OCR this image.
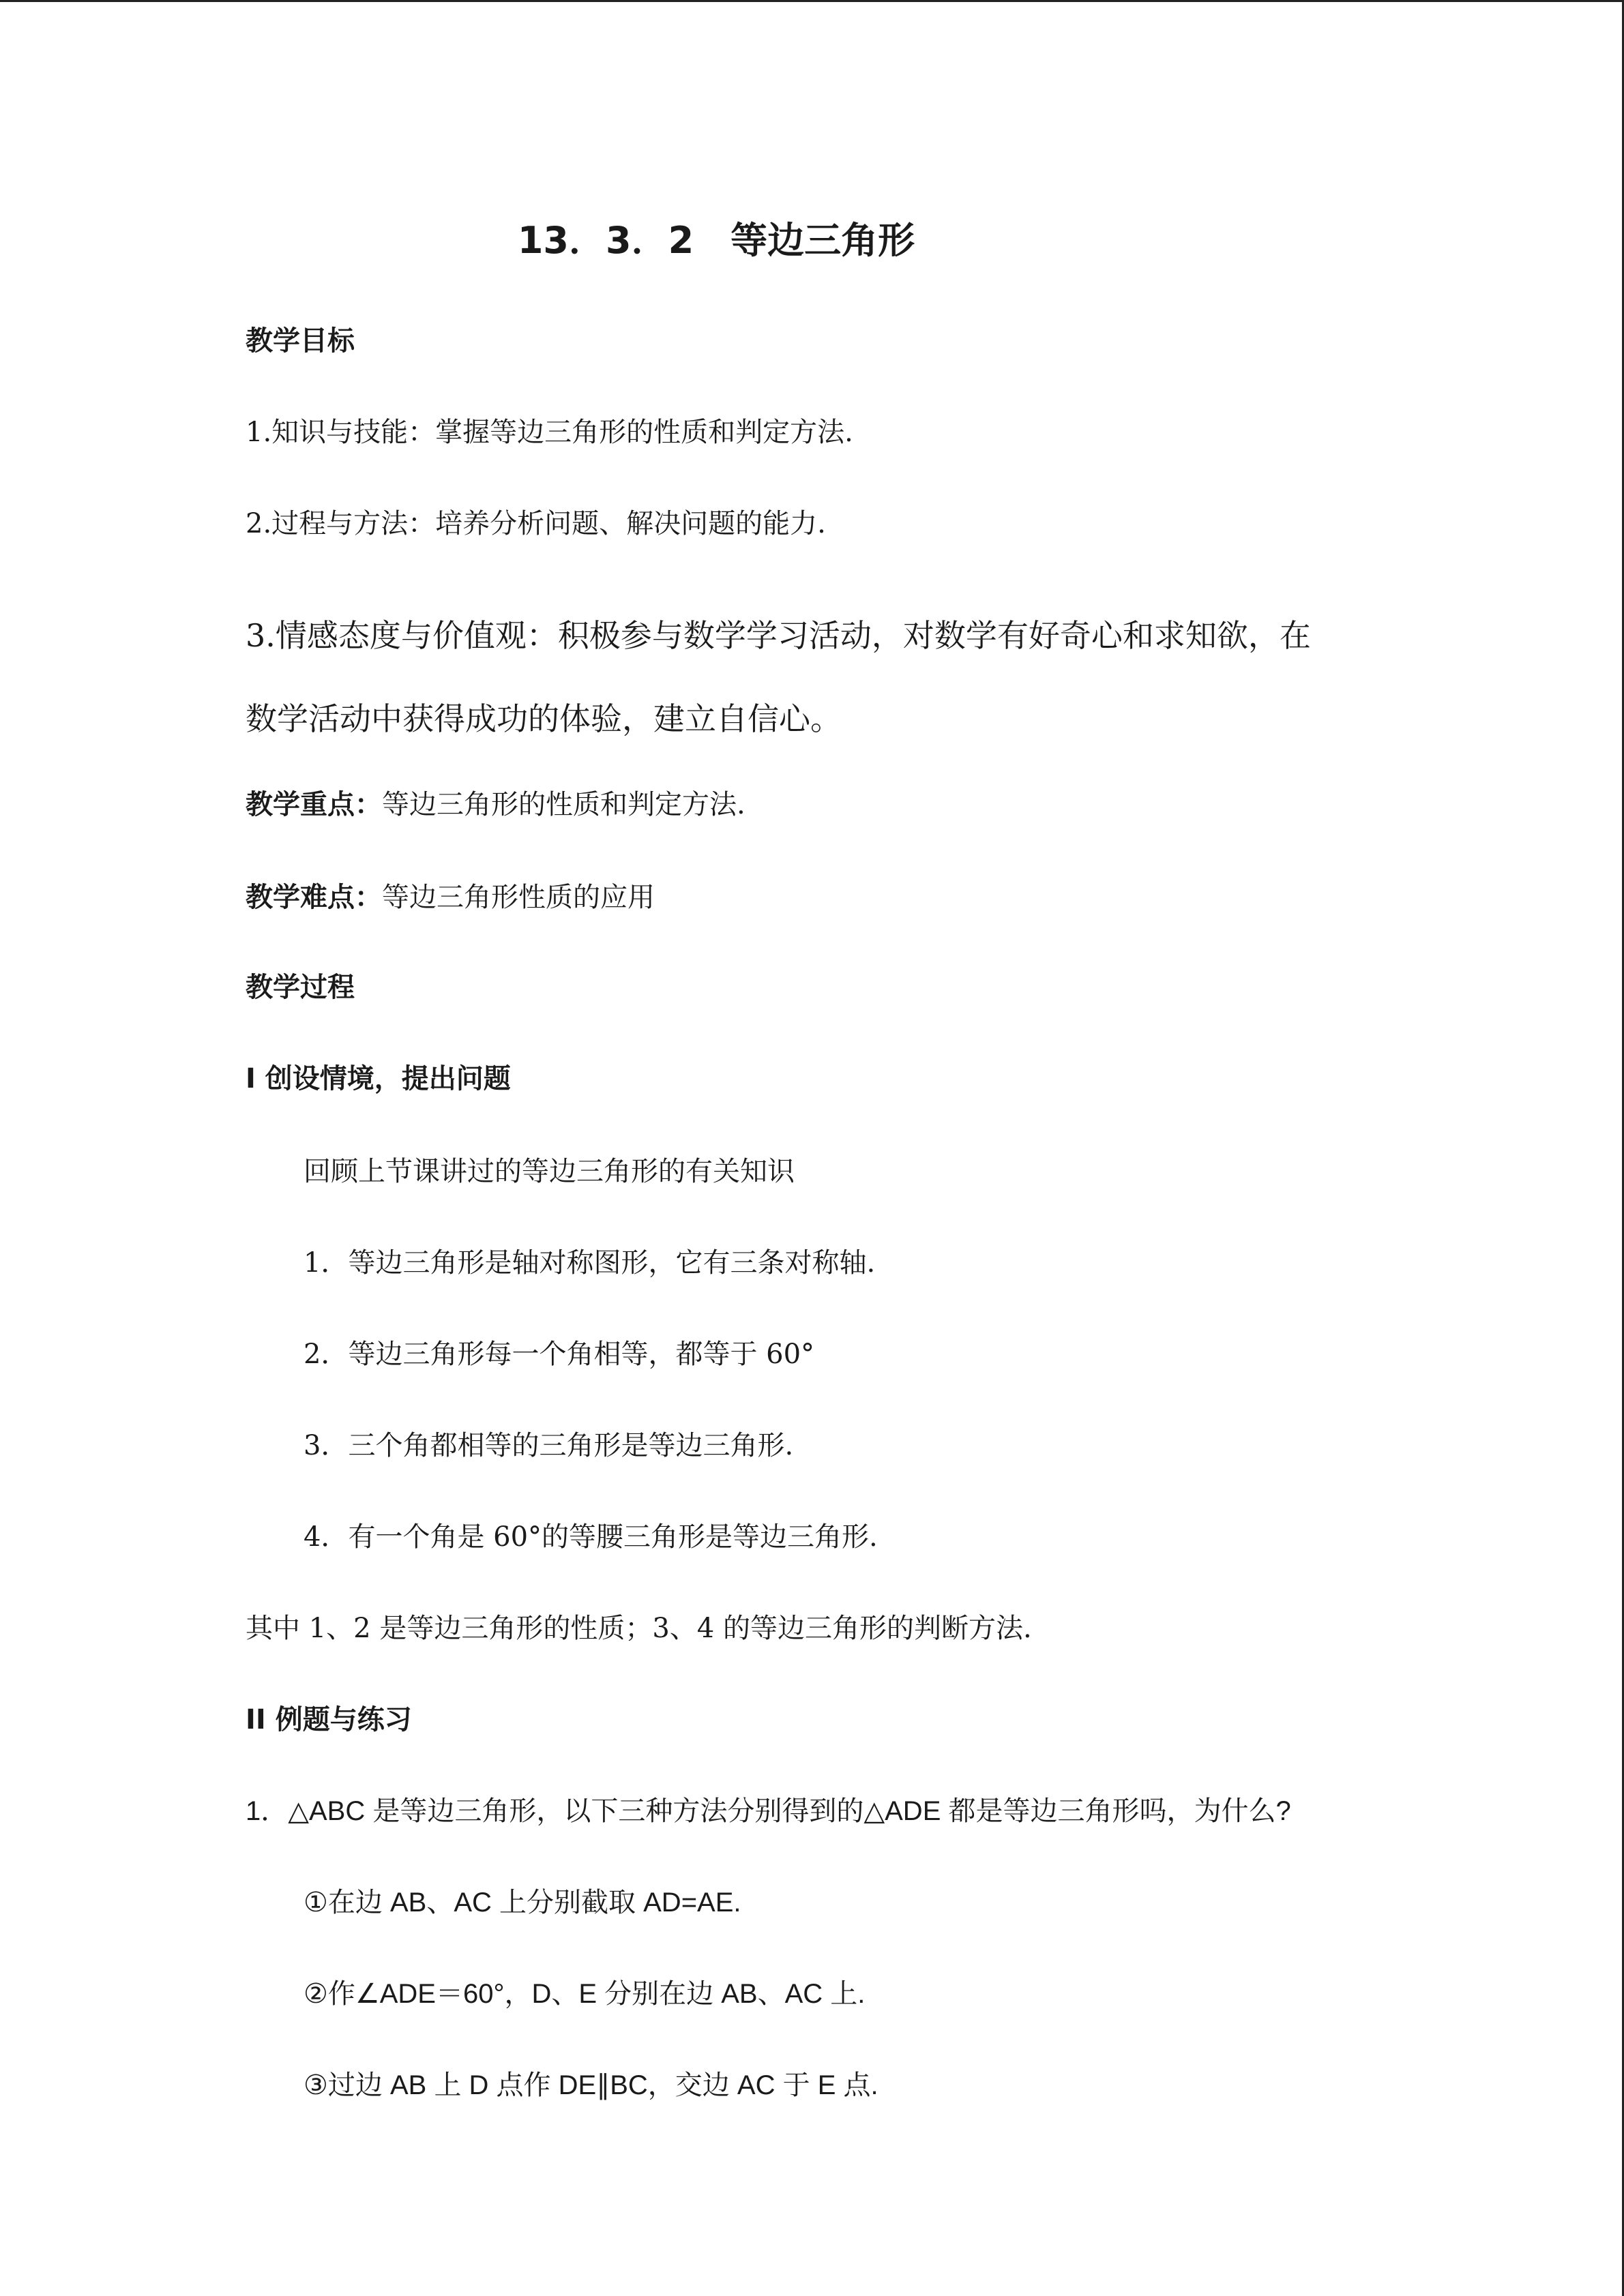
13．3．2　等边三角形
教学目标
1.知识与技能：掌握等边三角形的性质和判定方法.
2.过程与方法：培养分析问题、解决问题的能力.
3.情感态度与价值观：积极参与数学学习活动，对数学有好奇心和求知欲，在
数学活动中获得成功的体验，建立自信心。
教学重点：等边三角形的性质和判定方法.
教学难点：等边三角形性质的应用
教学过程
I 创设情境，提出问题
回顾上节课讲过的等边三角形的有关知识
1．等边三角形是轴对称图形，它有三条对称轴.
2．等边三角形每一个角相等，都等于 60°
3．三个角都相等的三角形是等边三角形.
4．有一个角是 60°的等腰三角形是等边三角形.
其中 1、2 是等边三角形的性质；3、4 的等边三角形的判断方法.
II 例题与练习
1．△ABC 是等边三角形，以下三种方法分别得到的△ADE 都是等边三角形吗，为什么?
①在边 AB、AC 上分别截取 AD=AE.
②作∠ADE＝60°，D、E 分别在边 AB、AC 上.
③过边 AB 上 D 点作 DE∥BC，交边 AC 于 E 点.
